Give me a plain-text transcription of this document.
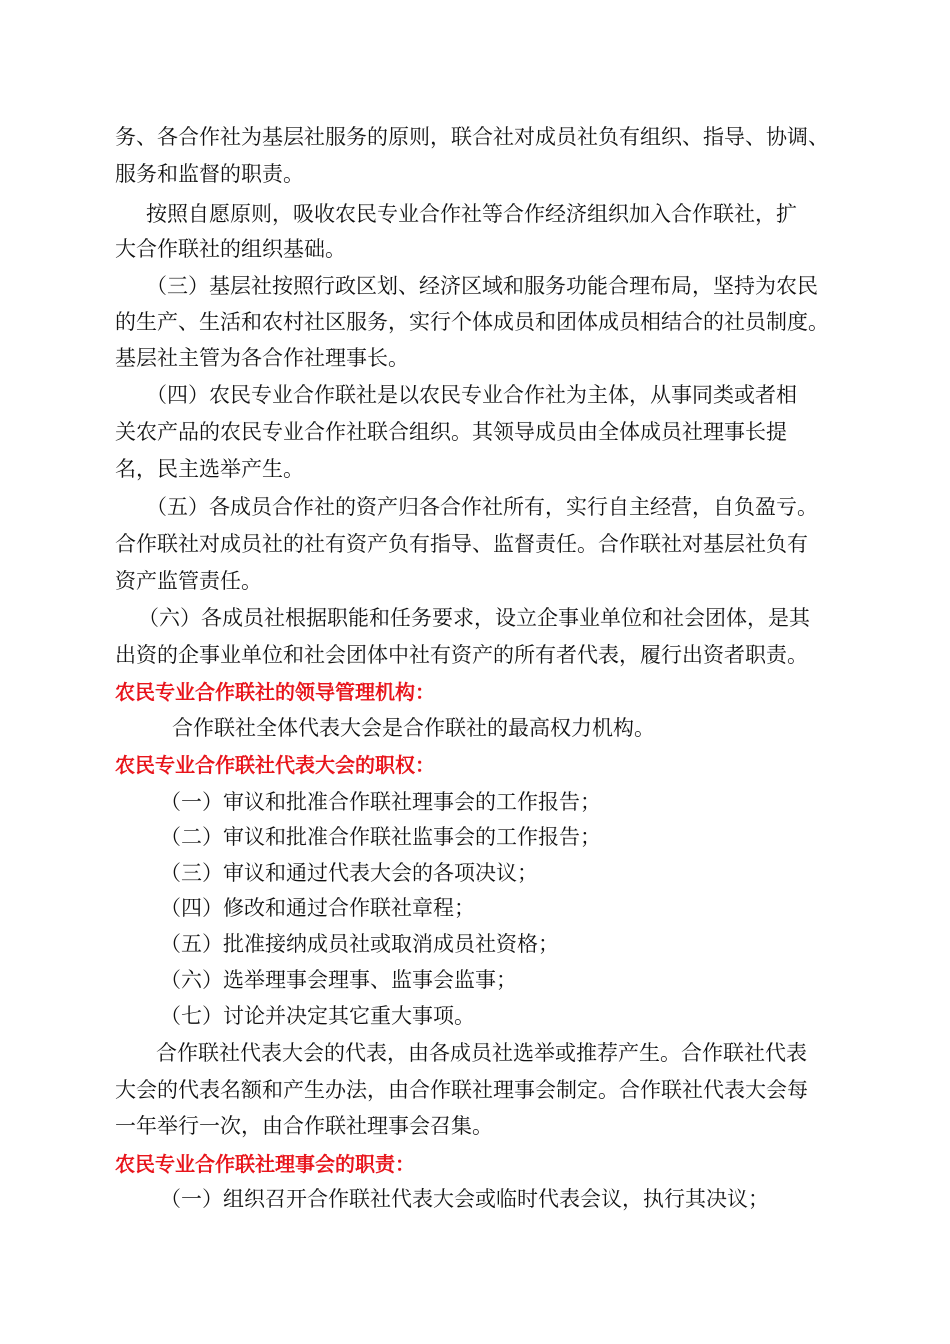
务、各合作社为基层社服务的原则，联合社对成员社负有组织、指导、协调、
服务和监督的职责。
按照自愿原则，吸收农民专业合作社等合作经济组织加入合作联社，扩
大合作联社的组织基础。
（三）基层社按照行政区划、经济区域和服务功能合理布局，坚持为农民
的生产、生活和农村社区服务，实行个体成员和团体成员相结合的社员制度。
基层社主管为各合作社理事长。
（四）农民专业合作联社是以农民专业合作社为主体，从事同类或者相
关农产品的农民专业合作社联合组织。其领导成员由全体成员社理事长提
名，民主选举产生。
（五）各成员合作社的资产归各合作社所有，实行自主经营，自负盈亏。
合作联社对成员社的社有资产负有指导、监督责任。合作联社对基层社负有
资产监管责任。
（六）各成员社根据职能和任务要求，设立企事业单位和社会团体，是其
出资的企事业单位和社会团体中社有资产的所有者代表，履行出资者职责。
农民专业合作联社的领导管理机构：
合作联社全体代表大会是合作联社的最高权力机构。
农民专业合作联社代表大会的职权：
（一）审议和批准合作联社理事会的工作报告；
（二）审议和批准合作联社监事会的工作报告；
（三）审议和通过代表大会的各项决议；
（四）修改和通过合作联社章程；
（五）批准接纳成员社或取消成员社资格；
（六）选举理事会理事、监事会监事；
（七）讨论并决定其它重大事项。
合作联社代表大会的代表，由各成员社选举或推荐产生。合作联社代表
大会的代表名额和产生办法，由合作联社理事会制定。合作联社代表大会每
一年举行一次，由合作联社理事会召集。
农民专业合作联社理事会的职责：
（一）组织召开合作联社代表大会或临时代表会议，执行其决议；
